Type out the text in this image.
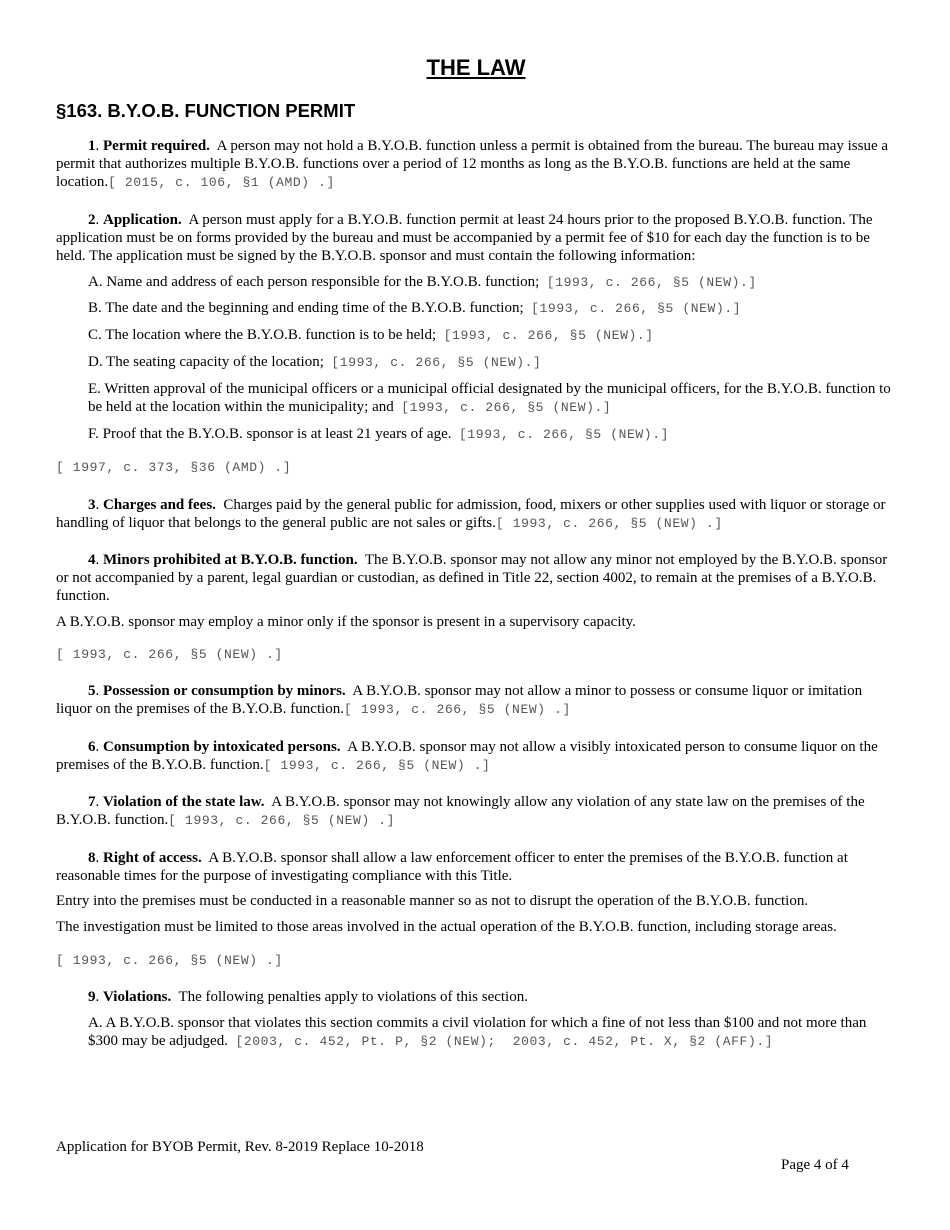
THE LAW
§163. B.Y.O.B. FUNCTION PERMIT
1. Permit required. A person may not hold a B.Y.O.B. function unless a permit is obtained from the bureau. The bureau may issue a permit that authorizes multiple B.Y.O.B. functions over a period of 12 months as long as the B.Y.O.B. functions are held at the same location.[ 2015, c. 106, §1 (AMD) .]
2. Application. A person must apply for a B.Y.O.B. function permit at least 24 hours prior to the proposed B.Y.O.B. function. The application must be on forms provided by the bureau and must be accompanied by a permit fee of $10 for each day the function is to be held. The application must be signed by the B.Y.O.B. sponsor and must contain the following information:
A. Name and address of each person responsible for the B.Y.O.B. function; [1993, c. 266, §5 (NEW).]
B. The date and the beginning and ending time of the B.Y.O.B. function; [1993, c. 266, §5 (NEW).]
C. The location where the B.Y.O.B. function is to be held; [1993, c. 266, §5 (NEW).]
D. The seating capacity of the location; [1993, c. 266, §5 (NEW).]
E. Written approval of the municipal officers or a municipal official designated by the municipal officers, for the B.Y.O.B. function to be held at the location within the municipality; and [1993, c. 266, §5 (NEW).]
F. Proof that the B.Y.O.B. sponsor is at least 21 years of age. [1993, c. 266, §5 (NEW).]
[ 1997, c. 373, §36 (AMD) .]
3. Charges and fees. Charges paid by the general public for admission, food, mixers or other supplies used with liquor or storage or handling of liquor that belongs to the general public are not sales or gifts.[ 1993, c. 266, §5 (NEW) .]
4. Minors prohibited at B.Y.O.B. function. The B.Y.O.B. sponsor may not allow any minor not employed by the B.Y.O.B. sponsor or not accompanied by a parent, legal guardian or custodian, as defined in Title 22, section 4002, to remain at the premises of a B.Y.O.B. function.
A B.Y.O.B. sponsor may employ a minor only if the sponsor is present in a supervisory capacity.
[ 1993, c. 266, §5 (NEW) .]
5. Possession or consumption by minors. A B.Y.O.B. sponsor may not allow a minor to possess or consume liquor or imitation liquor on the premises of the B.Y.O.B. function.[ 1993, c. 266, §5 (NEW) .]
6. Consumption by intoxicated persons. A B.Y.O.B. sponsor may not allow a visibly intoxicated person to consume liquor on the premises of the B.Y.O.B. function.[ 1993, c. 266, §5 (NEW) .]
7. Violation of the state law. A B.Y.O.B. sponsor may not knowingly allow any violation of any state law on the premises of the B.Y.O.B. function.[ 1993, c. 266, §5 (NEW) .]
8. Right of access. A B.Y.O.B. sponsor shall allow a law enforcement officer to enter the premises of the B.Y.O.B. function at reasonable times for the purpose of investigating compliance with this Title.
Entry into the premises must be conducted in a reasonable manner so as not to disrupt the operation of the B.Y.O.B. function.
The investigation must be limited to those areas involved in the actual operation of the B.Y.O.B. function, including storage areas.
[ 1993, c. 266, §5 (NEW) .]
9. Violations. The following penalties apply to violations of this section.
A. A B.Y.O.B. sponsor that violates this section commits a civil violation for which a fine of not less than $100 and not more than $300 may be adjudged. [2003, c. 452, Pt. P, §2 (NEW);  2003, c. 452, Pt. X, §2 (AFF).]
Application for BYOB Permit, Rev. 8-2019 Replace 10-2018
Page 4 of 4
